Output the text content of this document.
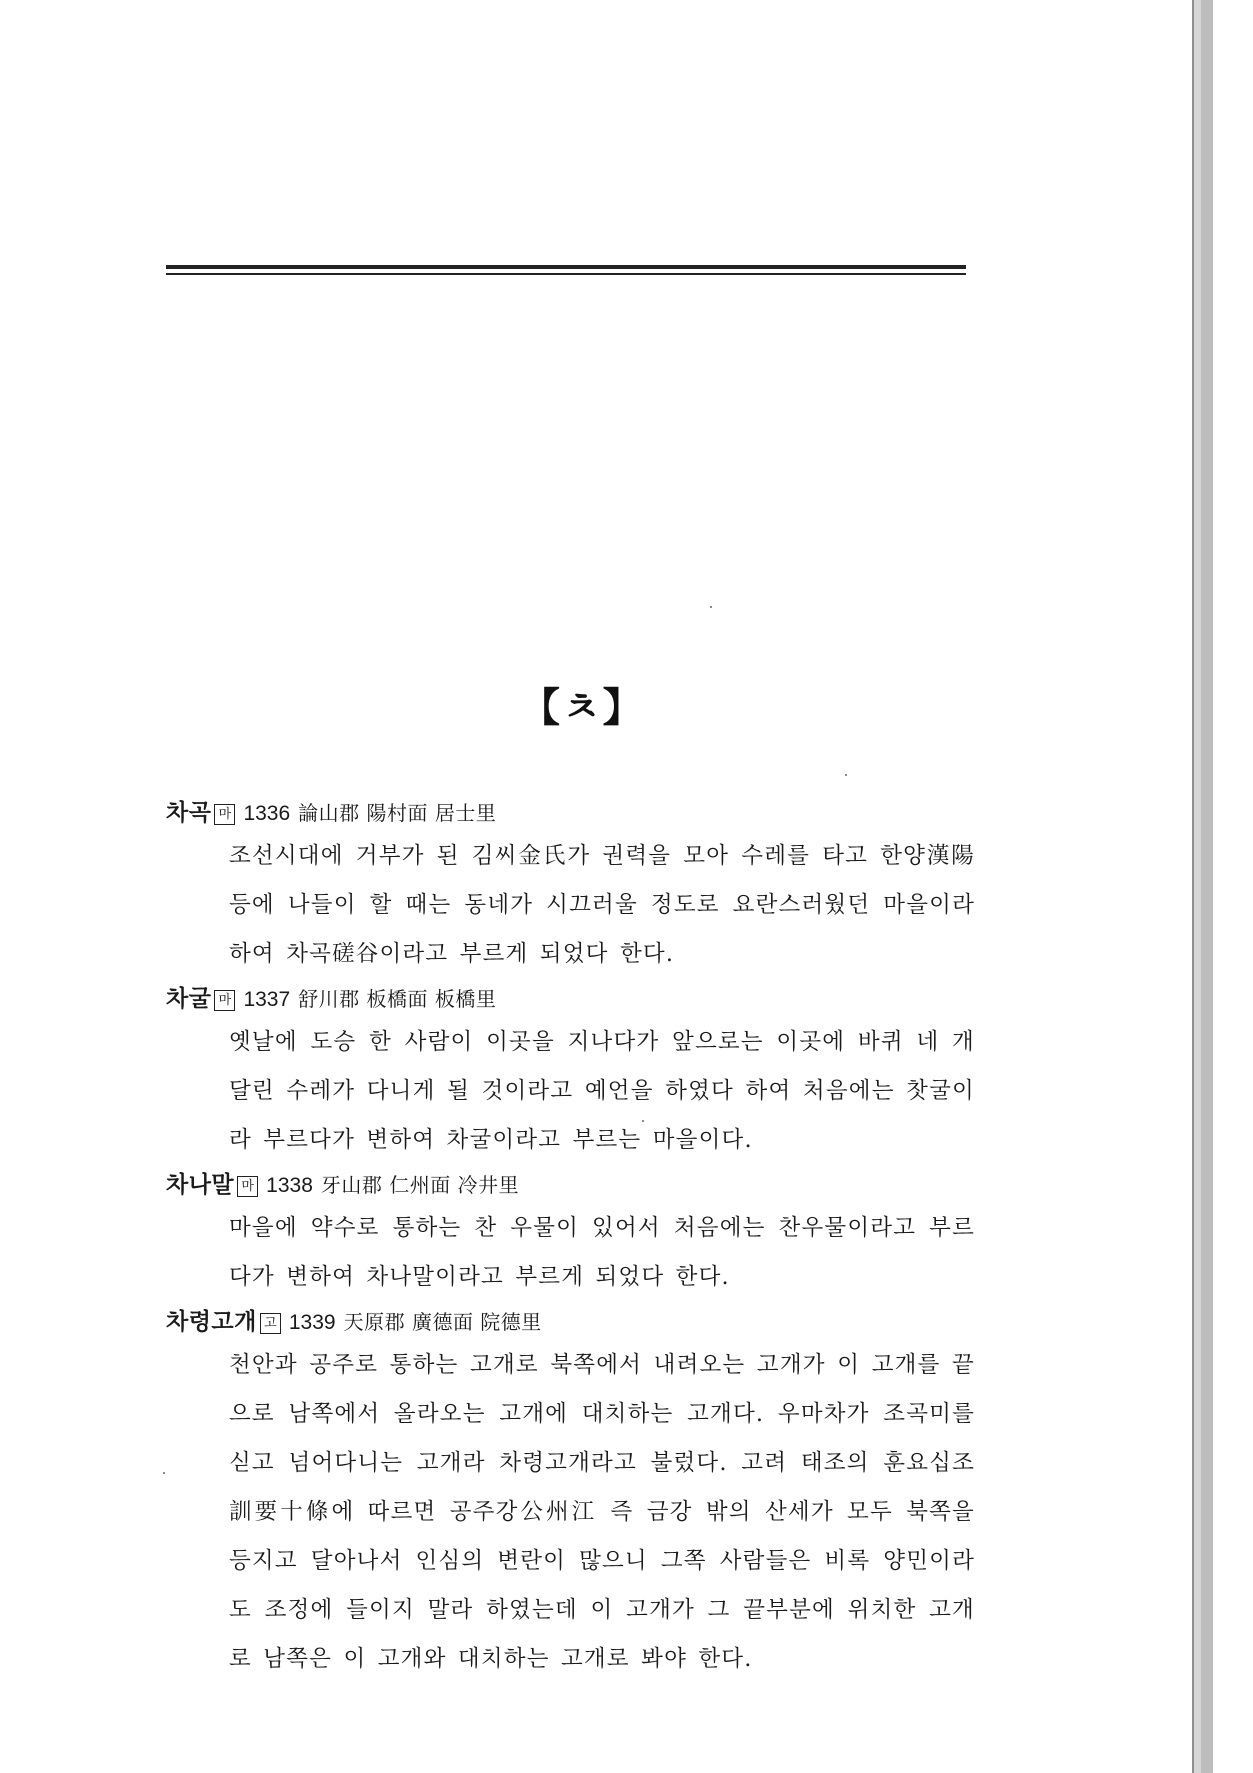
【ㅊ】
차곡 마 1336 論山郡 陽村面 居士里
조선시대에 거부가 된 김씨金氏가 권력을 모아 수레를 타고 한양漢陽 등에 나들이 할 때는 동네가 시끄러울 정도로 요란스러웠던 마을이라 하여 차곡磋谷이라고 부르게 되었다 한다.
차굴 마 1337 舒川郡 板橋面 板橋里
옛날에 도승 한 사람이 이곳을 지나다가 앞으로는 이곳에 바퀴 네 개 달린 수레가 다니게 될 것이라고 예언을 하였다 하여 처음에는 찻굴이라 부르다가 변하여 차굴이라고 부르는 마을이다.
차나말 마 1338 牙山郡 仁州面 冷井里
마을에 약수로 통하는 찬 우물이 있어서 처음에는 찬우물이라고 부르다가 변하여 차나말이라고 부르게 되었다 한다.
차령고개 고 1339 天原郡 廣德面 院德里
천안과 공주로 통하는 고개로 북쪽에서 내려오는 고개가 이 고개를 끝으로 남쪽에서 올라오는 고개에 대치하는 고개다. 우마차가 조곡미를 싣고 넘어다니는 고개라 차령고개라고 불렀다. 고려 태조의 훈요십조訓要十條에 따르면 공주강公州江 즉 금강 밖의 산세가 모두 북쪽을 등지고 달아나서 인심의 변란이 많으니 그쪽 사람들은 비록 양민이라도 조정에 들이지 말라 하였는데 이 고개가 그 끝부분에 위치한 고개로 남쪽은 이 고개와 대치하는 고개로 봐야 한다.
